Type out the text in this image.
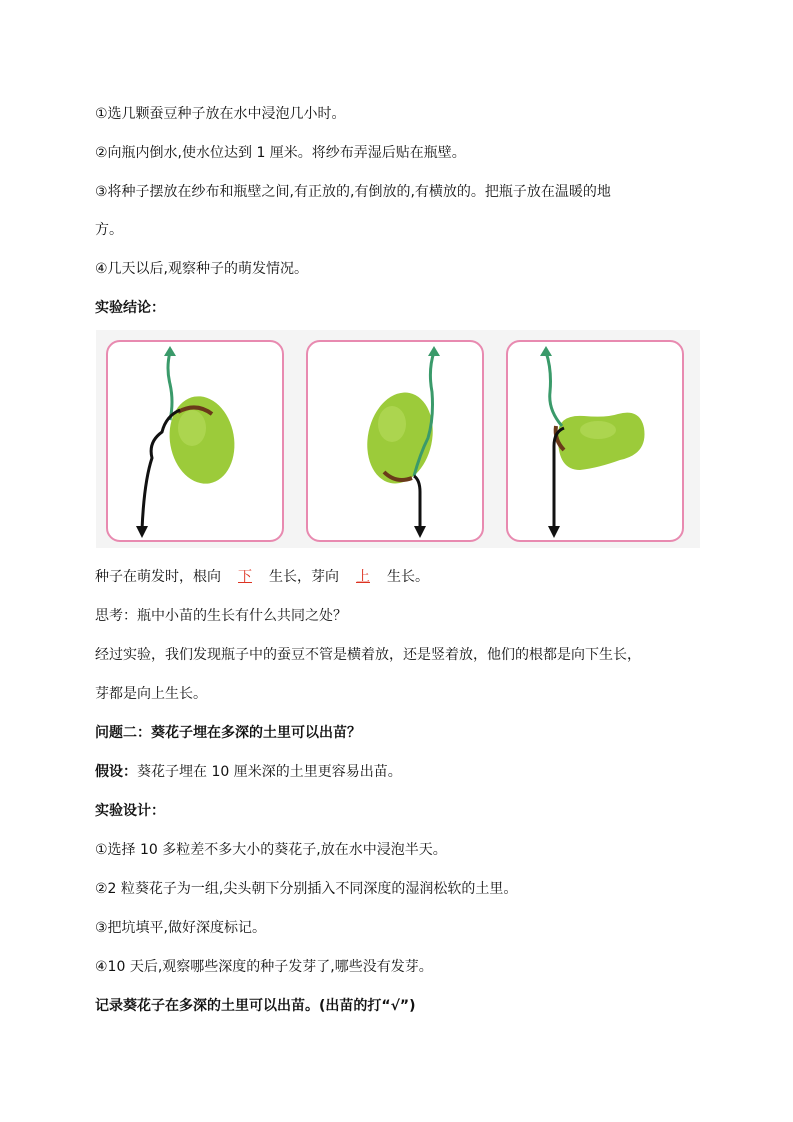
①选几颗蚕豆种子放在水中浸泡几小时。
②向瓶内倒水,使水位达到 1 厘米。将纱布弄湿后贴在瓶壁。
③将种子摆放在纱布和瓶壁之间,有正放的,有倒放的,有横放的。把瓶子放在温暖的地
方。
④几天以后,观察种子的萌发情况。
实验结论：
种子在萌发时，根向 下 生长，芽向 上 生长。
思考：瓶中小苗的生长有什么共同之处？
经过实验，我们发现瓶子中的蚕豆不管是横着放，还是竖着放，他们的根都是向下生长，
芽都是向上生长。
问题二：葵花子埋在多深的土里可以出苗？
假设：葵花子埋在 10 厘米深的土里更容易出苗。
实验设计：
①选择 10 多粒差不多大小的葵花子,放在水中浸泡半天。
②2 粒葵花子为一组,尖头朝下分别插入不同深度的湿润松软的土里。
③把坑填平,做好深度标记。
④10 天后,观察哪些深度的种子发芽了,哪些没有发芽。
记录葵花子在多深的土里可以出苗。(出苗的打“√”)
